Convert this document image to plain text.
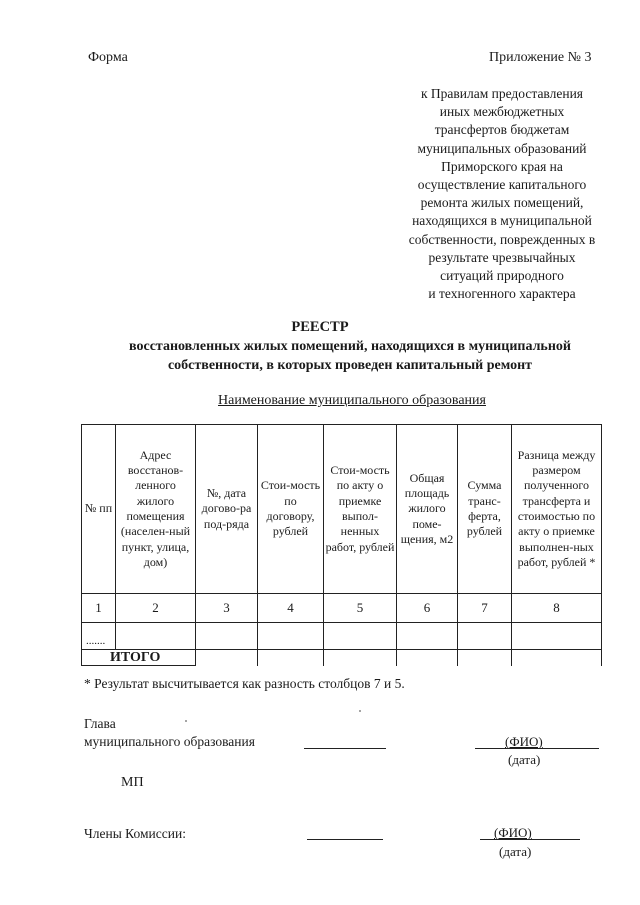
Форма	Приложение № 3
к Правилам предоставления
иных межбюджетных
трансфертов бюджетам
муниципальных образований
Приморского края на
осуществление капитального
ремонта жилых помещений,
находящихся в муниципальной
собственности, поврежденных в
результате чрезвычайных
ситуаций природного
и техногенного характера
РЕЕСТР
восстановленных жилых помещений, находящихся в муниципальной
собственности, в которых проведен капитальный ремонт
Наименование муниципального образования
№ пп	Адрес восстанов-ленного жилого помещения (населен-ный пункт, улица, дом)	№, дата догово-ра под-ряда	Стои-мость по договору, рублей	Стои-мость по акту о приемке выпол-ненных работ, рублей	Общая площадь жилого поме-щения, м2	Сумма транс-ферта, рублей	Разница между размером полученного трансферта и стоимостью по акту о приемке выполнен-ных работ, рублей *
1	2	3	4	5	6	7	8
.......							
ИТОГО							
* Результат высчитывается как разность столбцов 7 и 5.
Глава
муниципального образования	(ФИО)
(дата)
МП
Члены Комиссии:	(ФИО)
(дата)
